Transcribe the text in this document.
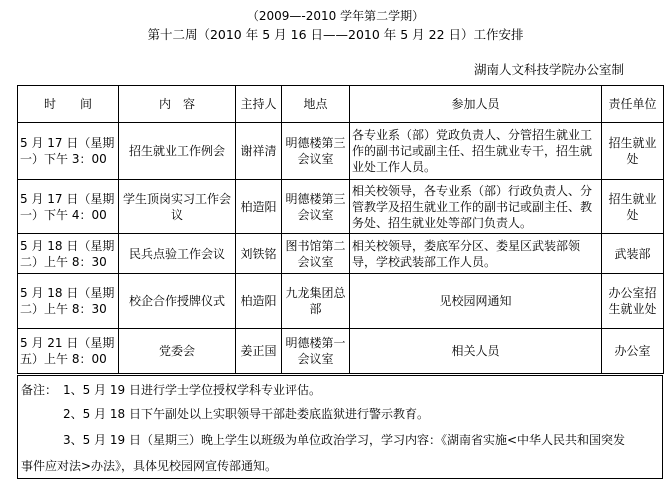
（2009—-2010 学年第二学期）
第十二周（2010 年 5 月 16 日——2010 年 5 月 22 日）工作安排
湖南人文科技学院办公室制
时　　间	内　容	主持人	地点	参加人员	责任单位
5 月 17 日（星期一）下午 3：00	招生就业工作例会	谢祥清	明德楼第三会议室	各专业系（部）党政负责人、分管招生就业工作的副书记或副主任、招生就业专干，招生就业处工作人员。	招生就业处
5 月 17 日（星期一）下午 4：00	学生顶岗实习工作会议	柏造阳	明德楼第三会议室	相关校领导，各专业系（部）行政负责人、分管教学及招生就业工作的副书记或副主任、教务处、招生就业处等部门负责人。	招生就业处
5 月 18 日（星期二）上午 8：30	民兵点验工作会议	刘铁铭	图书馆第二会议室	相关校领导，娄底军分区、娄星区武装部领导，学校武装部工作人员。	武装部
5 月 18 日（星期二）上午 8：30	校企合作授牌仪式	柏造阳	九龙集团总 部	见校园网通知	办公室招生就业处
5 月 21 日（星期五）上午 8：00	党委会	姜正国	明德楼第一会议室	相关人员	办公室
备注： 1、5 月 19 日进行学士学位授权学科专业评估。
2、5 月 18 日下午副处以上实职领导干部赴娄底监狱进行警示教育。
3、5 月 19 日（星期三）晚上学生以班级为单位政治学习，学习内容：《湖南省实施<中华人民共和国突发
事件应对法>办法》，具体见校园网宣传部通知。
